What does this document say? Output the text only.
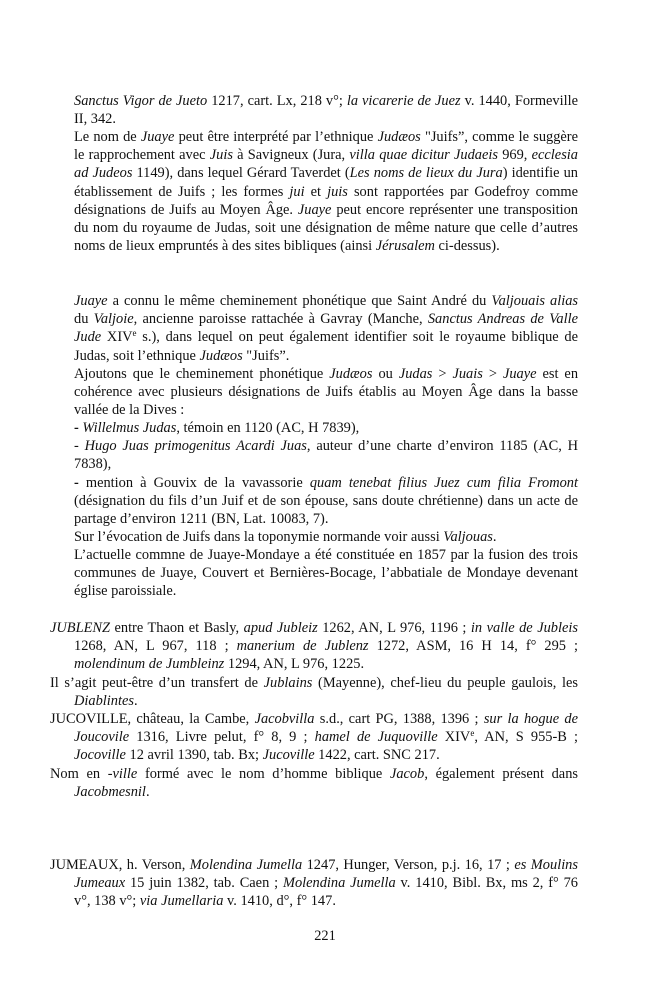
Sanctus Vigor de Jueto 1217, cart. Lx, 218 v°; la vicarerie de Juez v. 1440, Formeville II, 342.
Le nom de Juaye peut être interprété par l’ethnique Judæos "Juifs”, comme le suggère le rapprochement avec Juis à Savigneux (Jura, villa quae dicitur Judaeis 969, ecclesia ad Judeos 1149), dans lequel Gérard Taverdet (Les noms de lieux du Jura) identifie un établissement de Juifs ; les formes jui et juis sont rapportées par Godefroy comme désignations de Juifs au Moyen Âge. Juaye peut encore représenter une transposition du nom du royaume de Judas, soit une désignation de même nature que celle d’autres noms de lieux empruntés à des sites bibliques (ainsi Jérusalem ci-dessus).
Juaye a connu le même cheminement phonétique que Saint André du Valjouais alias du Valjoie, ancienne paroisse rattachée à Gavray (Manche, Sanctus Andreas de Valle Jude XIVe s.), dans lequel on peut également identifier soit le royaume biblique de Judas, soit l’ethnique Judæos "Juifs”.
Ajoutons que le cheminement phonétique Judæos ou Judas > Juais > Juaye est en cohérence avec plusieurs désignations de Juifs établis au Moyen Âge dans la basse vallée de la Dives :
- Willelmus Judas, témoin en 1120 (AC, H 7839),
- Hugo Juas primogenitus Acardi Juas, auteur d’une charte d’environ 1185 (AC, H 7838),
- mention à Gouvix de la vavassorie quam tenebat filius Juez cum filia Fromont (désignation du fils d’un Juif et de son épouse, sans doute chrétienne) dans un acte de partage d’environ 1211 (BN, Lat. 10083, 7).
Sur l’évocation de Juifs dans la toponymie normande voir aussi Valjouas.
L’actuelle commne de Juaye-Mondaye a été constituée en 1857 par la fusion des trois communes de Juaye, Couvert et Bernières-Bocage, l’abbatiale de Mondaye devenant église paroissiale.
JUBLENZ entre Thaon et Basly, apud Jubleiz 1262, AN, L 976, 1196 ; in valle de Jubleis 1268, AN, L 967, 118 ; manerium de Jublenz 1272, ASM, 16 H 14, f° 295 ; molendinum de Jumbleinz 1294, AN, L 976, 1225.
Il s’agit peut-être d’un transfert de Jublains (Mayenne), chef-lieu du peuple gaulois, les Diablintes.
JUCOVILLE, château, la Cambe, Jacobvilla s.d., cart PG, 1388, 1396 ; sur la hogue de Joucovile 1316, Livre pelut, f° 8, 9 ; hamel de Juquoville XIVe, AN, S 955-B ; Jocoville 12 avril 1390, tab. Bx; Jucoville 1422, cart. SNC 217.
Nom en -ville formé avec le nom d’homme biblique Jacob, également présent dans Jacobmesnil.
JUMEAUX, h. Verson, Molendina Jumella 1247, Hunger, Verson, p.j. 16, 17 ; es Moulins Jumeaux 15 juin 1382, tab. Caen ; Molendina Jumella v. 1410, Bibl. Bx, ms 2, f° 76 v°, 138 v°; via Jumellaria v. 1410, d°, f° 147.
221
